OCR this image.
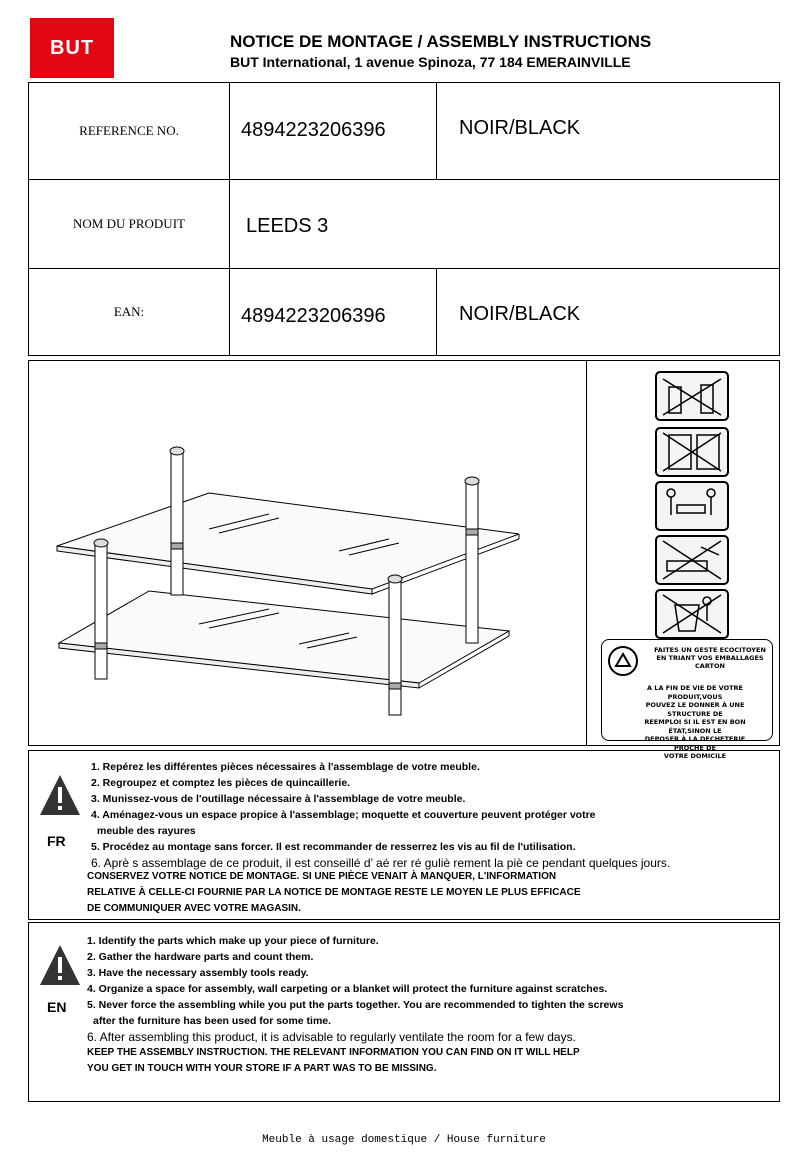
BUT	NOTICE DE MONTAGE / ASSEMBLY INSTRUCTIONS
BUT International, 1 avenue Spinoza, 77 184 EMERAINVILLE
REFERENCE NO.	4894223206396	NOIR/BLACK
NOM DU PRODUIT	LEEDS 3
EAN:	4894223206396	NOIR/BLACK
FAITES UN GESTE ECOCITOYEN
EN TRIANT VOS EMBALLAGES CARTON
A LA FIN DE VIE DE VOTRE PRODUIT,VOUS
POUVEZ LE DONNER À UNE STRUCTURE DE
REEMPLOI SI IL EST EN BON ÉTAT,SINON LE
DEPOSER À LA DECHETERIE PROCHE DE
VOTRE DOMICILE
FR
1. Repérez les différentes pièces nécessaires à l'assemblage de votre meuble.
2. Regroupez et comptez les pièces de quincaillerie.
3. Munissez-vous de l'outillage nécessaire à l'assemblage de votre meuble.
4. Aménagez-vous un espace propice à l'assemblage; moquette et couverture peuvent protéger votre
meuble des rayures
5. Procédez au montage sans forcer. Il est recommander de resserrez les vis au fil de l'utilisation.
6. Aprè s assemblage de ce produit, il est conseillé d’ aé rer ré guliè rement la piè ce pendant quelques jours.
CONSERVEZ VOTRE NOTICE DE MONTAGE. SI UNE PIÈCE VENAIT À MANQUER, L'INFORMATION
RELATIVE À CELLE-CI FOURNIE PAR LA NOTICE DE MONTAGE RESTE LE MOYEN LE PLUS EFFICACE
DE COMMUNIQUER AVEC VOTRE MAGASIN.
EN
1. Identify the parts which make up your piece of furniture.
2. Gather the hardware parts and count them.
3. Have the necessary assembly tools ready.
4. Organize a space for assembly, wall carpeting or a blanket will protect the furniture against scratches.
5. Never force the assembling while you put the parts together. You are recommended to tighten the screws
after the furniture has been used for some time.
6. After assembling this product, it is advisable to regularly ventilate the room for a few days.
KEEP THE ASSEMBLY INSTRUCTION. THE RELEVANT INFORMATION YOU CAN FIND ON IT WILL HELP
YOU GET IN TOUCH WITH YOUR STORE IF A PART WAS TO BE MISSING.
Meuble à usage domestique / House furniture
